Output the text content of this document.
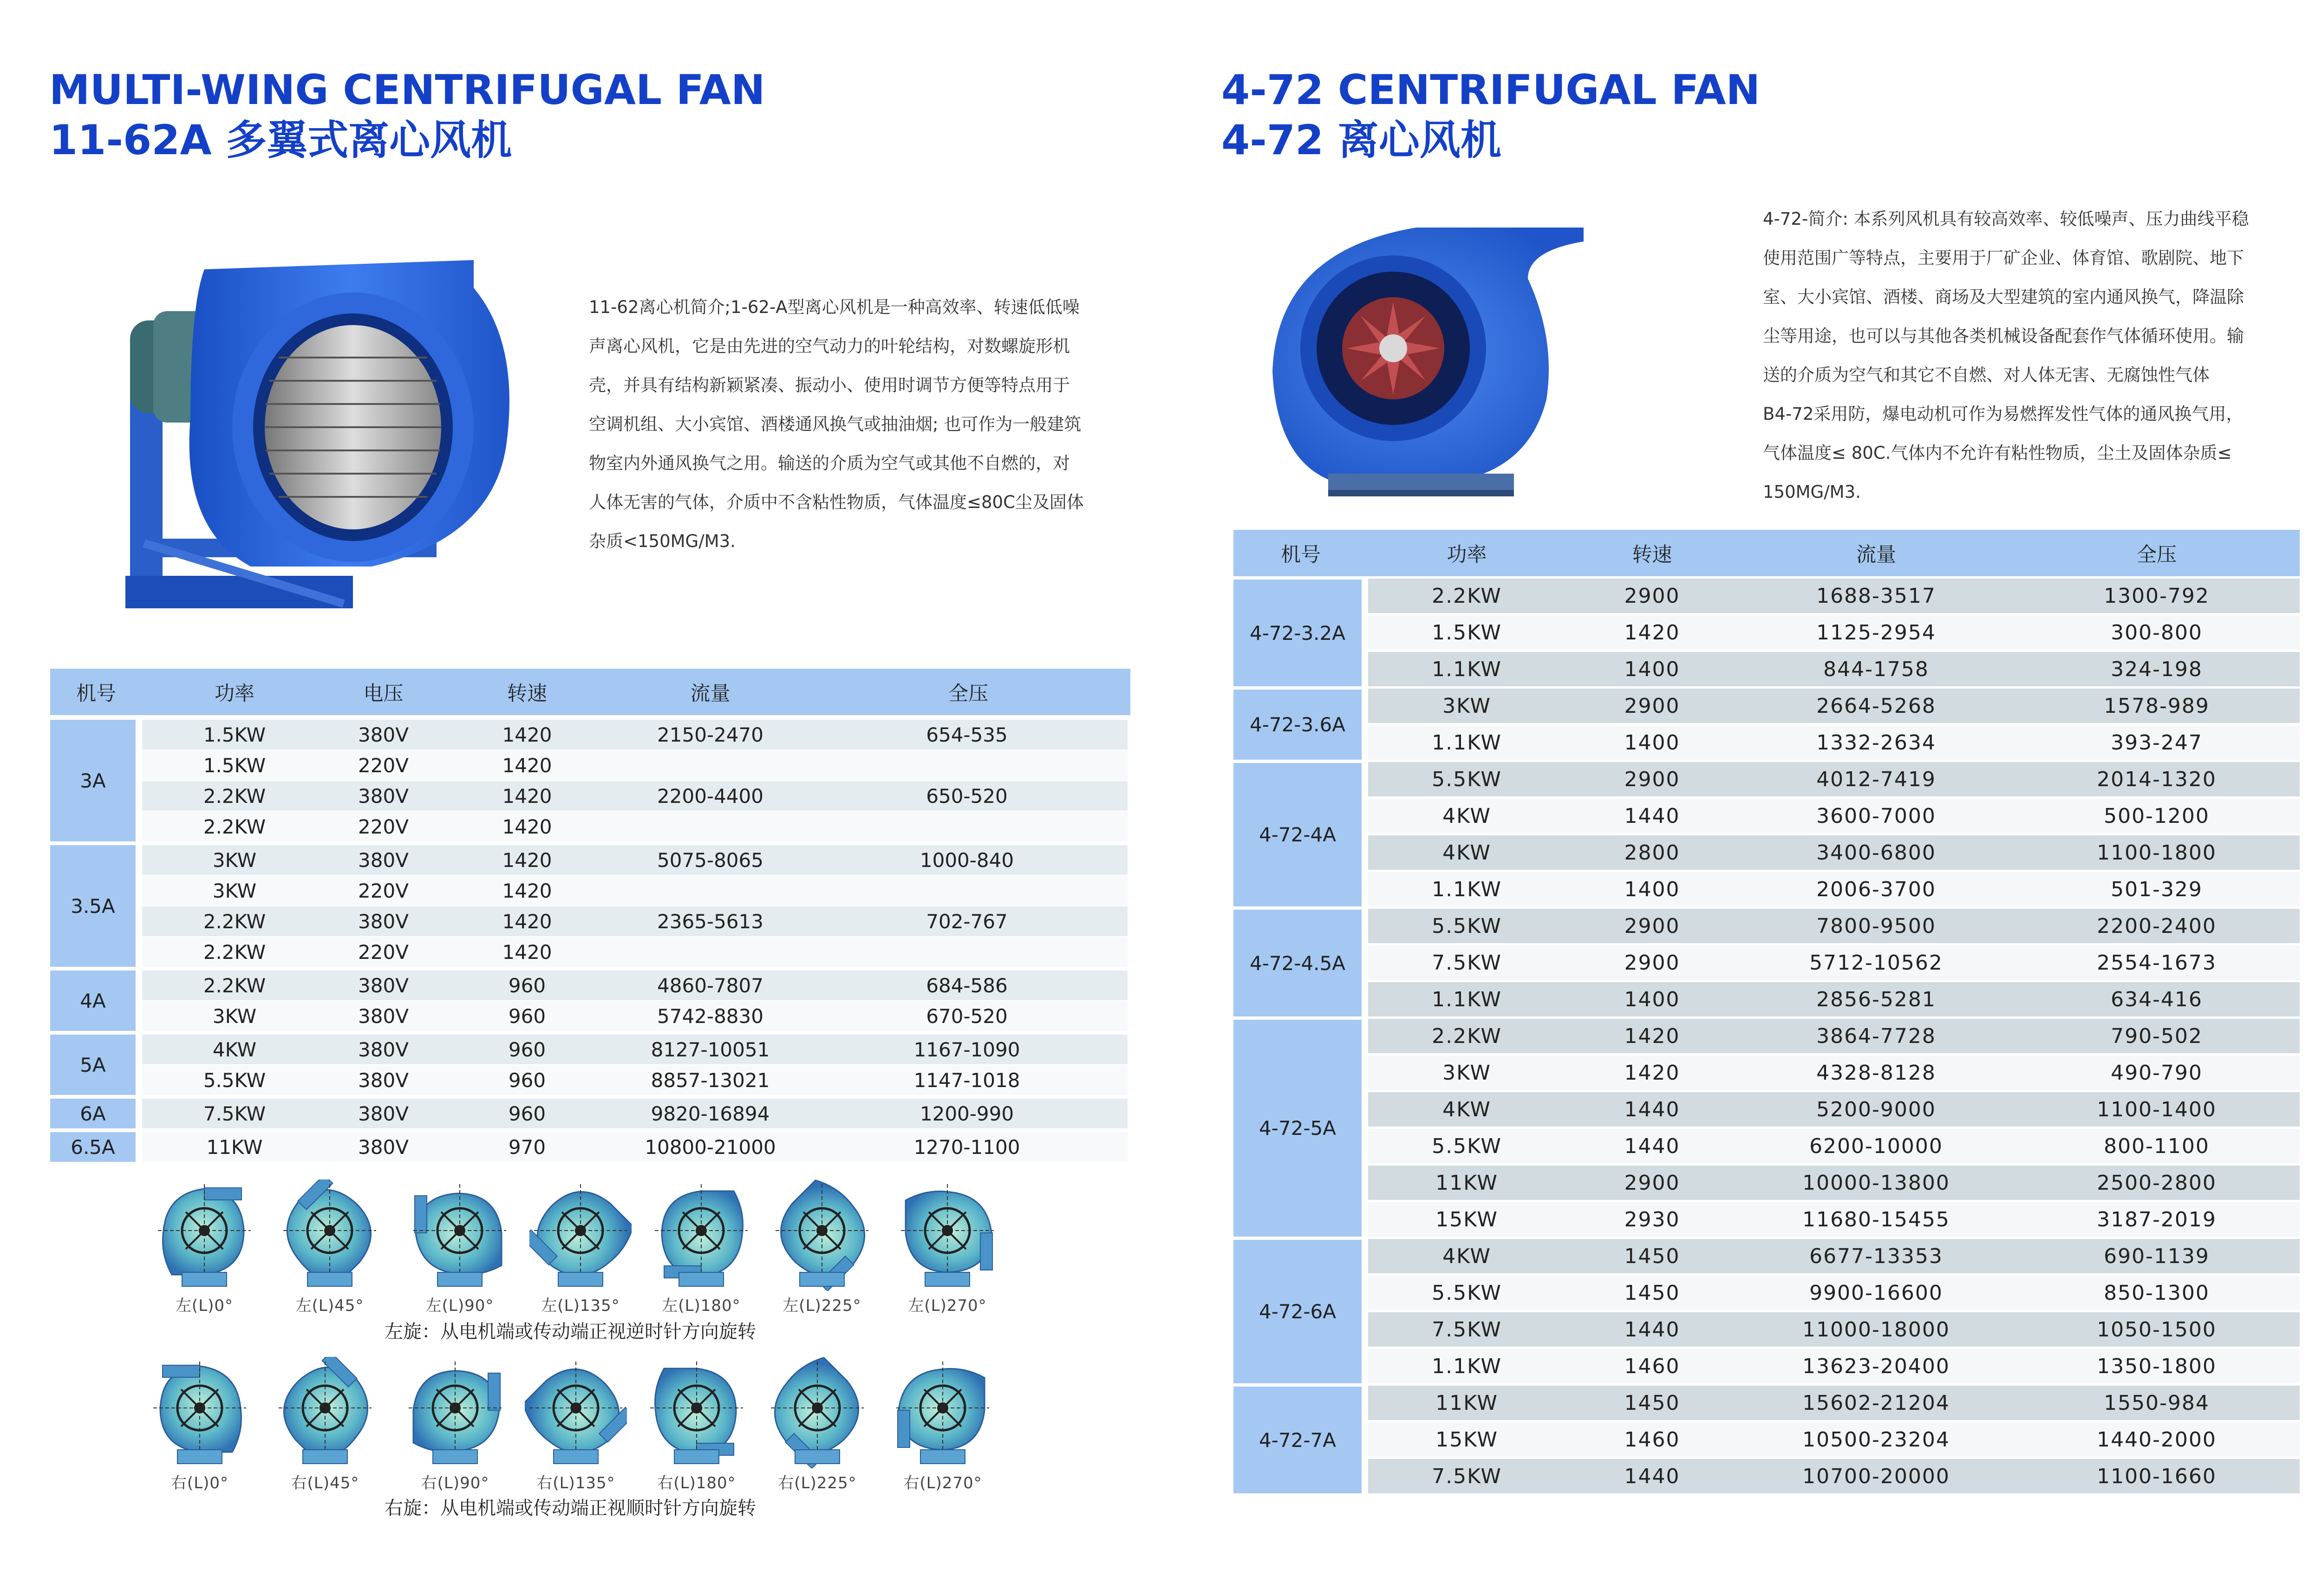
MULTI-WING CENTRIFUGAL FAN
11-62A 多翼式离心风机

11-62离心机简介;1-62-A型离心风机是一种高效率、转速低低噪

声离心风机，它是由先进的空气动力的叶轮结构，对数螺旋形机

壳，并具有结构新颖紧凑、振动小、使用时调节方便等特点用于

空调机组、大小宾馆、酒楼通风换气或抽油烟; 也可作为一般建筑

物室内外通风换气之用。输送的介质为空气或其他不自燃的，对

人体无害的气体，介质中不含粘性物质，气体温度≤80C尘及固体

杂质<150MG/M3.

机号	功率	电压	转速	流量	全压

3A	1.5KW	380V	1420	2150-2470	654-535
	1.5KW	220V	1420		
	2.2KW	380V	1420	2200-4400	650-520
	2.2KW	220V	1420		
3.5A	3KW	380V	1420	5075-8065	1000-840
	3KW	220V	1420		
	2.2KW	380V	1420	2365-5613	702-767
	2.2KW	220V	1420		
4A	2.2KW	380V	960	4860-7807	684-586
	3KW	380V	960	5742-8830	670-520
5A	4KW	380V	960	8127-10051	1167-1090
	5.5KW	380V	960	8857-13021	1147-1018
6A	7.5KW	380V	960	9820-16894	1200-990
6.5A	11KW	380V	970	10800-21000	1270-1100
左(L)0°	左(L)45°	左(L)90°	左(L)135°	左(L)180°	左(L)225°	左(L)270°
左旋：从电机端或传动端正视逆时针方向旋转
右(L)0°	右(L)45°	右(L)90°	右(L)135°	右(L)180°	右(L)225°	右(L)270°
右旋：从电机端或传动端正视顺时针方向旋转
4-72 CENTRIFUGAL FAN
4-72 离心风机

4-72-简介: 本系列风机具有较高效率、较低噪声、压力曲线平稳

使用范围广等特点，主要用于厂矿企业、体育馆、歌剧院、地下

室、大小宾馆、酒楼、商场及大型建筑的室内通风换气，降温除

尘等用途，也可以与其他各类机械设备配套作气体循环使用。输

送的介质为空气和其它不自燃、对人体无害、无腐蚀性气体

B4-72采用防，爆电动机可作为易燃挥发性气体的通风换气用，

气体温度≤ 80C.气体内不允许有粘性物质，尘土及固体杂质≤

150MG/M3.

机号	功率	转速	流量	全压
4-72-3.2A	2.2KW	2900	1688-3517	1300-792
	1.5KW	1420	1125-2954	300-800
	1.1KW	1400	844-1758	324-198
4-72-3.6A	3KW	2900	2664-5268	1578-989
	1.1KW	1400	1332-2634	393-247
4-72-4A	5.5KW	2900	4012-7419	2014-1320
	4KW	1440	3600-7000	500-1200
	4KW	2800	3400-6800	1100-1800
	1.1KW	1400	2006-3700	501-329
4-72-4.5A	5.5KW	2900	7800-9500	2200-2400
	7.5KW	2900	5712-10562	2554-1673
	1.1KW	1400	2856-5281	634-416
4-72-5A	2.2KW	1420	3864-7728	790-502
	3KW	1420	4328-8128	490-790
	4KW	1440	5200-9000	1100-1400
	5.5KW	1440	6200-10000	800-1100
	11KW	2900	10000-13800	2500-2800
	15KW	2930	11680-15455	3187-2019
4-72-6A	4KW	1450	6677-13353	690-1139
	5.5KW	1450	9900-16600	850-1300
	7.5KW	1440	11000-18000	1050-1500
	1.1KW	1460	13623-20400	1350-1800
4-72-7A	11KW	1450	15602-21204	1550-984
	15KW	1460	10500-23204	1440-2000
	7.5KW	1440	10700-20000	1100-1660
